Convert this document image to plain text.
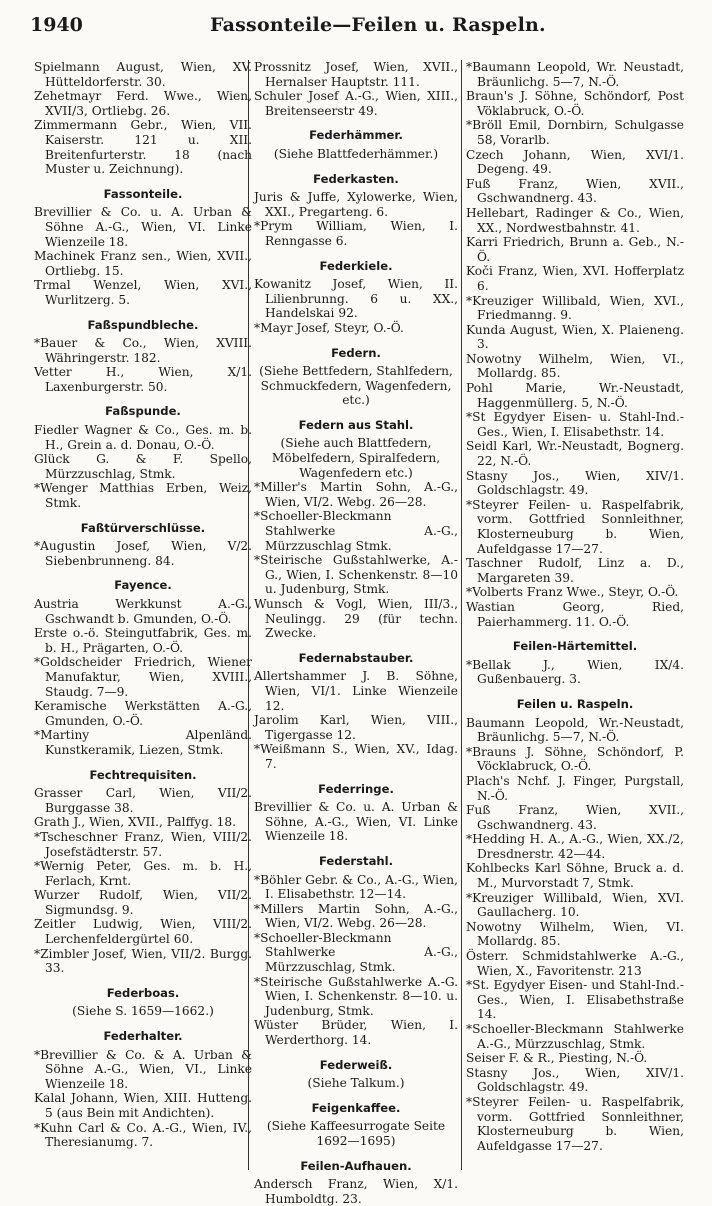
1940	Fassonteile—Feilen u. Raspeln.
Spielmann August, Wien, XV. Hütteldorferstr. 30.
Zehetmayr Ferd. Wwe., Wien, XVII/3, Ortliebg. 26.
Zimmermann Gebr., Wien, VII. Kaiserstr. 121 u. XII. Breitenfurterstr. 18 (nach Muster u. Zeichnung).
Fassonteile.
Brevillier & Co. u. A. Urban & Söhne A.-G., Wien, VI. Linke Wienzeile 18.
Machinek Franz sen., Wien, XVII., Ortliebg. 15.
Trmal Wenzel, Wien, XVI., Wurlitzerg. 5.
Faßspundbleche.
*Bauer & Co., Wien, XVIII. Währingerstr. 182.
Vetter H., Wien, X/1. Laxenburgerstr. 50.
Faßspunde.
Fiedler Wagner & Co., Ges. m. b. H., Grein a. d. Donau, O.-Ö.
Glück G. & F. Spello, Mürzzuschlag, Stmk.
*Wenger Matthias Erben, Weiz, Stmk.
Faßtürverschlüsse.
*Augustin Josef, Wien, V/2. Siebenbrunneng. 84.
Fayence.
Austria Werkkunst A.-G., Gschwandt b. Gmunden, O.-Ö.
Erste o.-ö. Steingutfabrik, Ges. m. b. H., Prägarten, O.-Ö.
*Goldscheider Friedrich, Wiener Manufaktur, Wien, XVIII., Staudg. 7—9.
Keramische Werkstätten A.-G., Gmunden, O.-Ö.
*Martiny Alpenländ. Kunstkeramik, Liezen, Stmk.
Fechtrequisiten.
Grasser Carl, Wien, VII/2. Burggasse 38.
Grath J., Wien, XVII., Palffyg. 18.
*Tscheschner Franz, Wien, VIII/2. Josefstädterstr. 57.
*Wernig Peter, Ges. m. b. H., Ferlach, Krnt.
Wurzer Rudolf, Wien, VII/2. Sigmundsg. 9.
Zeitler Ludwig, Wien, VIII/2. Lerchenfeldergürtel 60.
*Zimbler Josef, Wien, VII/2. Burgg. 33.
Federboas.
(Siehe S. 1659—1662.)
Federhalter.
*Brevillier & Co. & A. Urban & Söhne A.-G., Wien, VI., Linke Wienzeile 18.
Kalal Johann, Wien, XIII. Hutteng. 5 (aus Bein mit Andichten).
*Kuhn Carl & Co. A.-G., Wien, IV., Theresianumg. 7.
Prossnitz Josef, Wien, XVII., Hernalser Hauptstr. 111.
Schuler Josef A.-G., Wien, XIII., Breitenseerstr 49.
Federhämmer.
(Siehe Blattfederhämmer.)
Federkasten.
Juris & Juffe, Xylowerke, Wien, XXI., Pregarteng. 6.
*Prym William, Wien, I. Renngasse 6.
Federkiele.
Kowanitz Josef, Wien, II. Lilienbrunng. 6 u. XX., Handelskai 92.
*Mayr Josef, Steyr, O.-Ö.
Federn.
(Siehe Bettfedern, Stahlfedern, Schmuckfedern, Wagenfedern, etc.)
Federn aus Stahl.
(Siehe auch Blattfedern, Möbelfedern, Spiralfedern, Wagenfedern etc.)
*Miller's Martin Sohn, A.-G., Wien, VI/2. Webg. 26—28.
*Schoeller-Bleckmann Stahlwerke A.-G., Mürzzuschlag Stmk.
*Steirische Gußstahlwerke, A.-G., Wien, I. Schenkenstr. 8—10 u. Judenburg, Stmk.
Wunsch & Vogl, Wien, III/3., Neulingg. 29 (für techn. Zwecke.
Federnabstauber.
Allertshammer J. B. Söhne, Wien, VI/1. Linke Wienzeile 12.
Jarolim Karl, Wien, VIII., Tigergasse 12.
*Weißmann S., Wien, XV., Idag. 7.
Federringe.
Brevillier & Co. u. A. Urban & Söhne, A.-G., Wien, VI. Linke Wienzeile 18.
Federstahl.
*Böhler Gebr. & Co., A.-G., Wien, I. Elisabethstr. 12—14.
*Millers Martin Sohn, A.-G., Wien, VI/2. Webg. 26—28.
*Schoeller-Bleckmann Stahlwerke A.-G., Mürzzuschlag, Stmk.
*Steirische Gußstahlwerke A.-G. Wien, I. Schenkenstr. 8—10. u. Judenburg, Stmk.
Wüster Brüder, Wien, I. Werderthorg. 14.
Federweiß.
(Siehe Talkum.)
Feigenkaffee.
(Siehe Kaffeesurrogate Seite 1692—1695)
Feilen-Aufhauen.
Andersch Franz, Wien, X/1. Humboldtg. 23.
*Baumann Leopold, Wr. Neustadt, Bräunlichg. 5—7, N.-Ö.
Braun's J. Söhne, Schöndorf, Post Vöklabruck, O.-Ö.
*Bröll Emil, Dornbirn, Schulgasse 58, Vorarlb.
Czech Johann, Wien, XVI/1. Degeng. 49.
Fuß Franz, Wien, XVII., Gschwandnerg. 43.
Hellebart, Radinger & Co., Wien, XX., Nordwestbahnstr. 41.
Karri Friedrich, Brunn a. Geb., N.-Ö.
Koči Franz, Wien, XVI. Hofferplatz 6.
*Kreuziger Willibald, Wien, XVI., Friedmanng. 9.
Kunda August, Wien, X. Plaieneng. 3.
Nowotny Wilhelm, Wien, VI., Mollardg. 85.
Pohl Marie, Wr.-Neustadt, Haggenmüllerg. 5, N.-Ö.
*St Egydyer Eisen- u. Stahl-Ind.-Ges., Wien, I. Elisabethstr. 14.
Seidl Karl, Wr.-Neustadt, Bognerg. 22, N.-Ö.
Stasny Jos., Wien, XIV/1. Goldschlagstr. 49.
*Steyrer Feilen- u. Raspelfabrik, vorm. Gottfried Sonnleithner, Klosterneuburg b. Wien, Aufeldgasse 17—27.
Taschner Rudolf, Linz a. D., Margareten 39.
*Volberts Franz Wwe., Steyr, O.-Ö.
Wastian Georg, Ried, Paierhammerg. 11. O.-Ö.
Feilen-Härtemittel.
*Bellak J., Wien, IX/4. Gußenbauerg. 3.
Feilen u. Raspeln.
Baumann Leopold, Wr.-Neustadt, Bräunlichg. 5—7, N.-Ö.
*Brauns J. Söhne, Schöndorf, P. Vöcklabruck, O.-Ö.
Plach's Nchf. J. Finger, Purgstall, N.-Ö.
Fuß Franz, Wien, XVII., Gschwandnerg. 43.
*Hedding H. A., A.-G., Wien, XX./2, Dresdnerstr. 42—44.
Kohlbecks Karl Söhne, Bruck a. d. M., Murvorstadt 7, Stmk.
*Kreuziger Willibald, Wien, XVI. Gaullacherg. 10.
Nowotny Wilhelm, Wien, VI. Mollardg. 85.
Österr. Schmidstahlwerke A.-G., Wien, X., Favoritenstr. 213
*St. Egydyer Eisen- und Stahl-Ind.-Ges., Wien, I. Elisabethstraße 14.
*Schoeller-Bleckmann Stahlwerke A.-G., Mürzzuschlag, Stmk.
Seiser F. & R., Piesting, N.-Ö.
Stasny Jos., Wien, XIV/1. Goldschlagstr. 49.
*Steyrer Feilen- u. Raspelfabrik, vorm. Gottfried Sonnleithner, Klosterneuburg b. Wien, Aufeldgasse 17—27.
